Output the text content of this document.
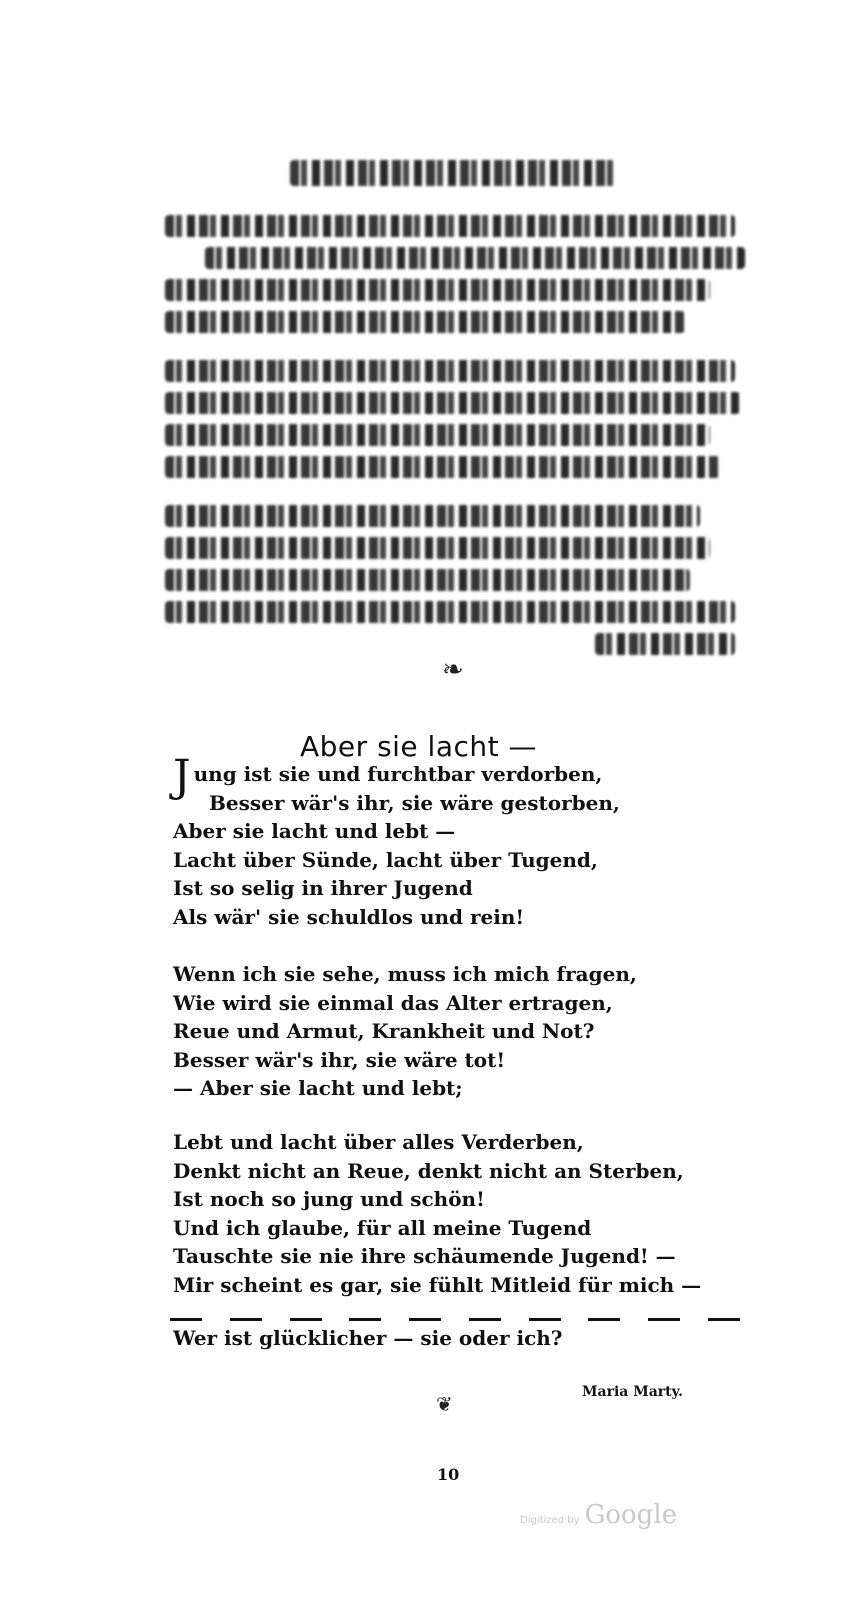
❧
Aber sie lacht —
Jung ist sie und furchtbar verdorben,
Besser wär's ihr, sie wäre gestorben,
Aber sie lacht und lebt —
Lacht über Sünde, lacht über Tugend,
Ist so selig in ihrer Jugend
Als wär' sie schuldlos und rein!
Wenn ich sie sehe, muss ich mich fragen,
Wie wird sie einmal das Alter ertragen,
Reue und Armut, Krankheit und Not?
Besser wär's ihr, sie wäre tot!
— Aber sie lacht und lebt;
Lebt und lacht über alles Verderben,
Denkt nicht an Reue, denkt nicht an Sterben,
Ist noch so jung und schön!
Und ich glaube, für all meine Tugend
Tauschte sie nie ihre schäumende Jugend! —
Mir scheint es gar, sie fühlt Mitleid für mich —
Wer ist glücklicher — sie oder ich?
Maria Marty.
❦
10
Digitized by Google
